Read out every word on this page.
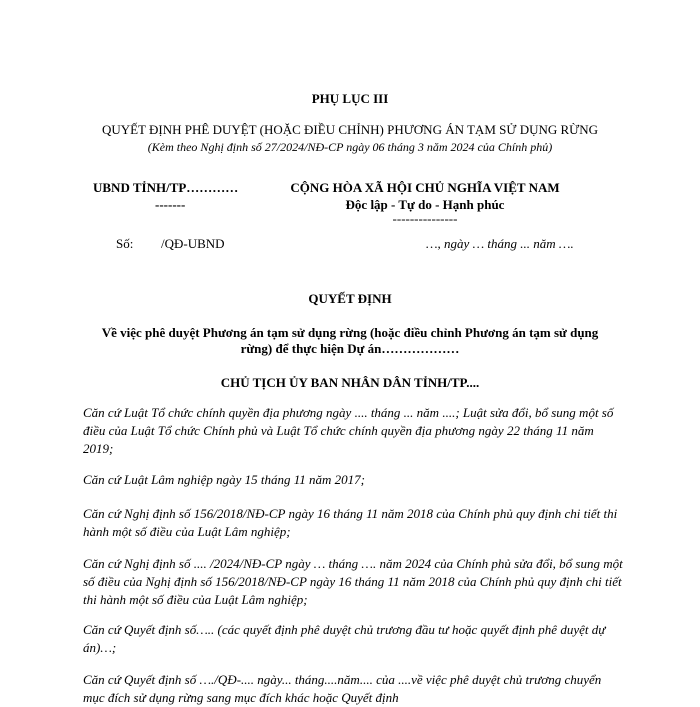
PHỤ LỤC III
QUYẾT ĐỊNH PHÊ DUYỆT (HOẶC ĐIỀU CHỈNH) PHƯƠNG ÁN TẠM SỬ DỤNG RỪNG
(Kèm theo Nghị định số 27/2024/NĐ-CP ngày 06 tháng 3 năm 2024 của Chính phủ)
UBND TỈNH/TP…………
-------
CỘNG HÒA XÃ HỘI CHỦ NGHĨA VIỆT NAM
Độc lập - Tự do - Hạnh phúc
---------------
Số: /QĐ-UBND	…, ngày … tháng ... năm ….
QUYẾT ĐỊNH
Về việc phê duyệt Phương án tạm sử dụng rừng (hoặc điều chỉnh Phương án tạm sử dụng
rừng) để thực hiện Dự án………………
CHỦ TỊCH ỦY BAN NHÂN DÂN TỈNH/TP....
Căn cứ Luật Tổ chức chính quyền địa phương ngày .... tháng ... năm ....; Luật sửa đổi, bổ sung một số điều của Luật Tổ chức Chính phủ và Luật Tổ chức chính quyền địa phương ngày 22 tháng 11 năm 2019;
Căn cứ Luật Lâm nghiệp ngày 15 tháng 11 năm 2017;
Căn cứ Nghị định số 156/2018/NĐ-CP ngày 16 tháng 11 năm 2018 của Chính phủ quy định chi tiết thi hành một số điều của Luật Lâm nghiệp;
Căn cứ Nghị định số .... /2024/NĐ-CP ngày … tháng …. năm 2024 của Chính phủ sửa đổi, bổ sung một số điều của Nghị định số 156/2018/NĐ-CP ngày 16 tháng 11 năm 2018 của Chính phủ quy định chi tiết thi hành một số điều của Luật Lâm nghiệp;
Căn cứ Quyết định số….. (các quyết định phê duyệt chủ trương đầu tư hoặc quyết định phê duyệt dự án)…;
Căn cứ Quyết định số …./QĐ-.... ngày... tháng....năm.... của ....về việc phê duyệt chủ trương chuyển mục đích sử dụng rừng sang mục đích khác hoặc Quyết định
